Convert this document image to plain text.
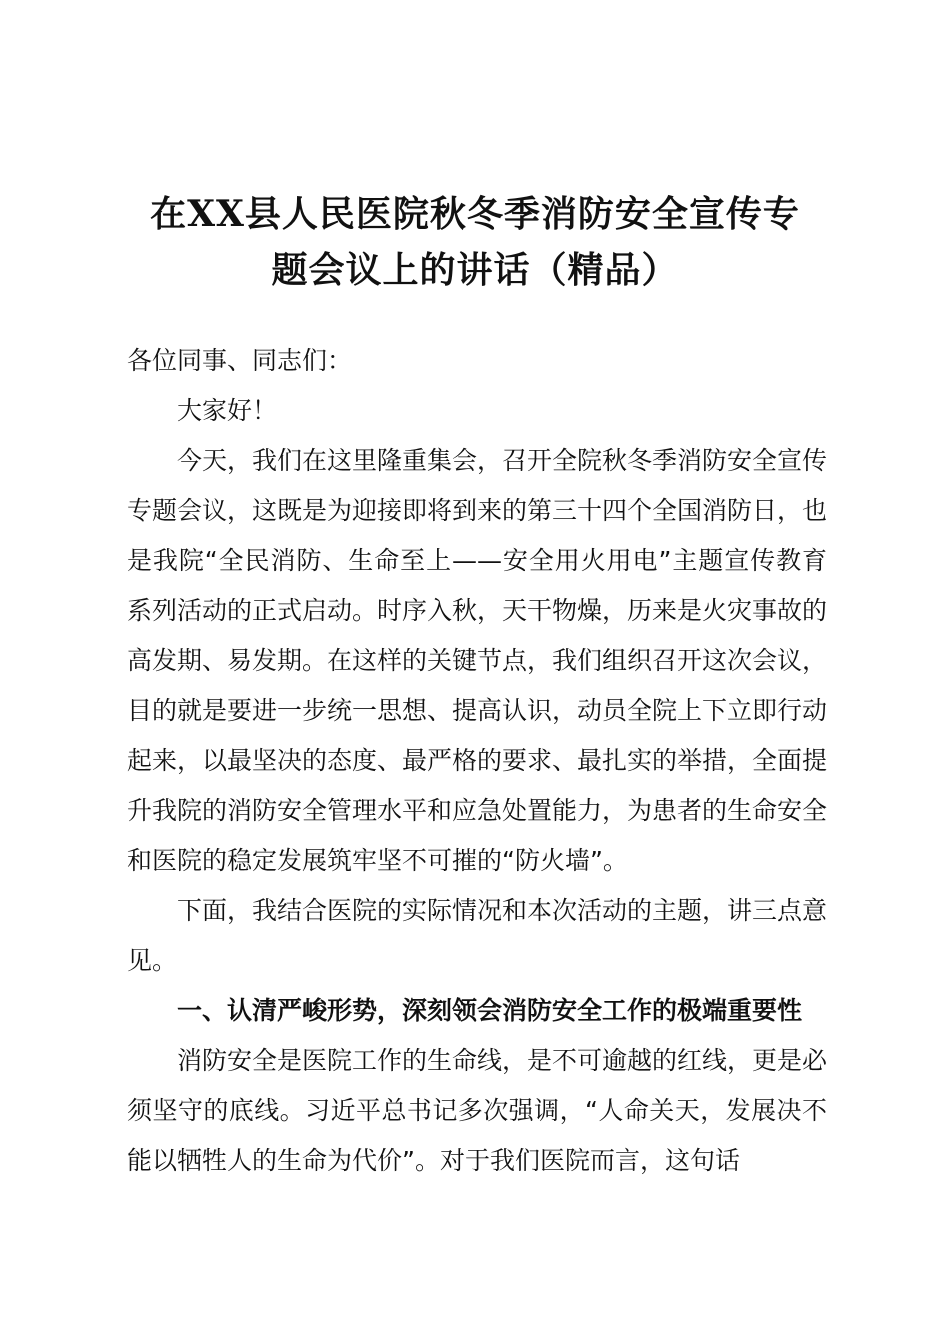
在XX县人民医院秋冬季消防安全宣传专
题会议上的讲话（精品）

各位同事、同志们：

大家好！

今天，我们在这里隆重集会，召开全院秋冬季消防安全宣传专题会议，这既是为迎接即将到来的第三十四个全国消防日，也是我院“全民消防、生命至上——安全用火用电”主题宣传教育系列活动的正式启动。时序入秋，天干物燥，历来是火灾事故的高发期、易发期。在这样的关键节点，我们组织召开这次会议，目的就是要进一步统一思想、提高认识，动员全院上下立即行动起来，以最坚决的态度、最严格的要求、最扎实的举措，全面提升我院的消防安全管理水平和应急处置能力，为患者的生命安全和医院的稳定发展筑牢坚不可摧的“防火墙”。

下面，我结合医院的实际情况和本次活动的主题，讲三点意见。

一、认清严峻形势，深刻领会消防安全工作的极端重要性

消防安全是医院工作的生命线，是不可逾越的红线，更是必须坚守的底线。习近平总书记多次强调，“人命关天，发展决不能以牺牲人的生命为代价”。对于我们医院而言，这句话
